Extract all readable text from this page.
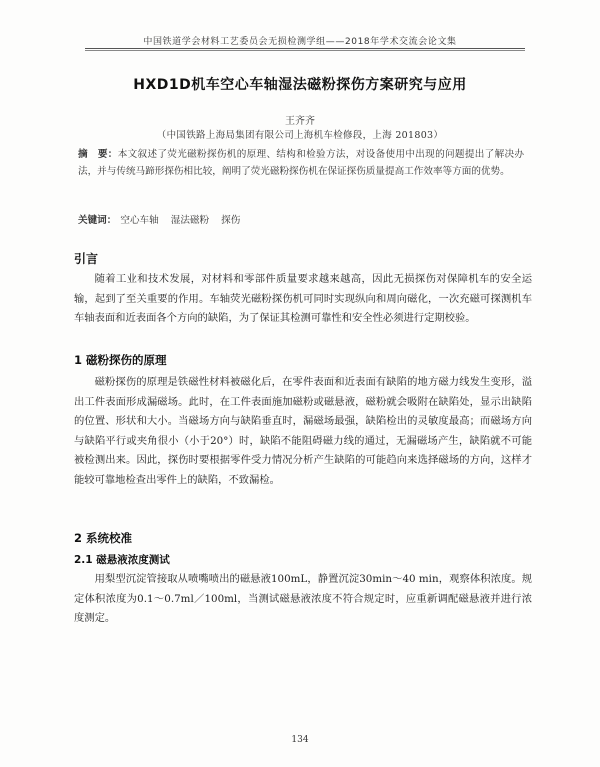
中国铁道学会材料工艺委员会无损检测学组——2018年学术交流会论文集
HXD1D机车空心车轴湿法磁粉探伤方案研究与应用
王齐齐
（中国铁路上海局集团有限公司上海机车检修段，上海 201803）
摘　要：本文叙述了荧光磁粉探伤机的原理、结构和检验方法，对设备使用中出现的问题提出了解决办法，并与传统马蹄形探伤相比较，阐明了荧光磁粉探伤机在保证探伤质量提高工作效率等方面的优势。
关键词： 空心车轴 湿法磁粉 探伤
引言
随着工业和技术发展，对材料和零部件质量要求越来越高，因此无损探伤对保障机车的安全运输，起到了至关重要的作用。车轴荧光磁粉探伤机可同时实现纵向和周向磁化，一次充磁可探测机车车轴表面和近表面各个方向的缺陷，为了保证其检测可靠性和安全性必须进行定期校验。
1 磁粉探伤的原理
磁粉探伤的原理是铁磁性材料被磁化后，在零件表面和近表面有缺陷的地方磁力线发生变形，溢出工件表面形成漏磁场。此时，在工件表面施加磁粉或磁悬液，磁粉就会吸附在缺陷处，显示出缺陷的位置、形状和大小。当磁场方向与缺陷垂直时，漏磁场最强，缺陷检出的灵敏度最高；而磁场方向与缺陷平行或夹角很小（小于20°）时，缺陷不能阻碍磁力线的通过，无漏磁场产生，缺陷就不可能被检测出来。因此，探伤时要根据零件受力情况分析产生缺陷的可能趋向来选择磁场的方向，这样才能较可靠地检查出零件上的缺陷，不致漏检。
2 系统校准
2.1 磁悬液浓度测试
用梨型沉淀管接取从喷嘴喷出的磁悬液100mL，静置沉淀30min～40 min，观察体积浓度。规定体积浓度为0.1～0.7ml／100ml，当测试磁悬液浓度不符合规定时，应重新调配磁悬液并进行浓度测定。
134
